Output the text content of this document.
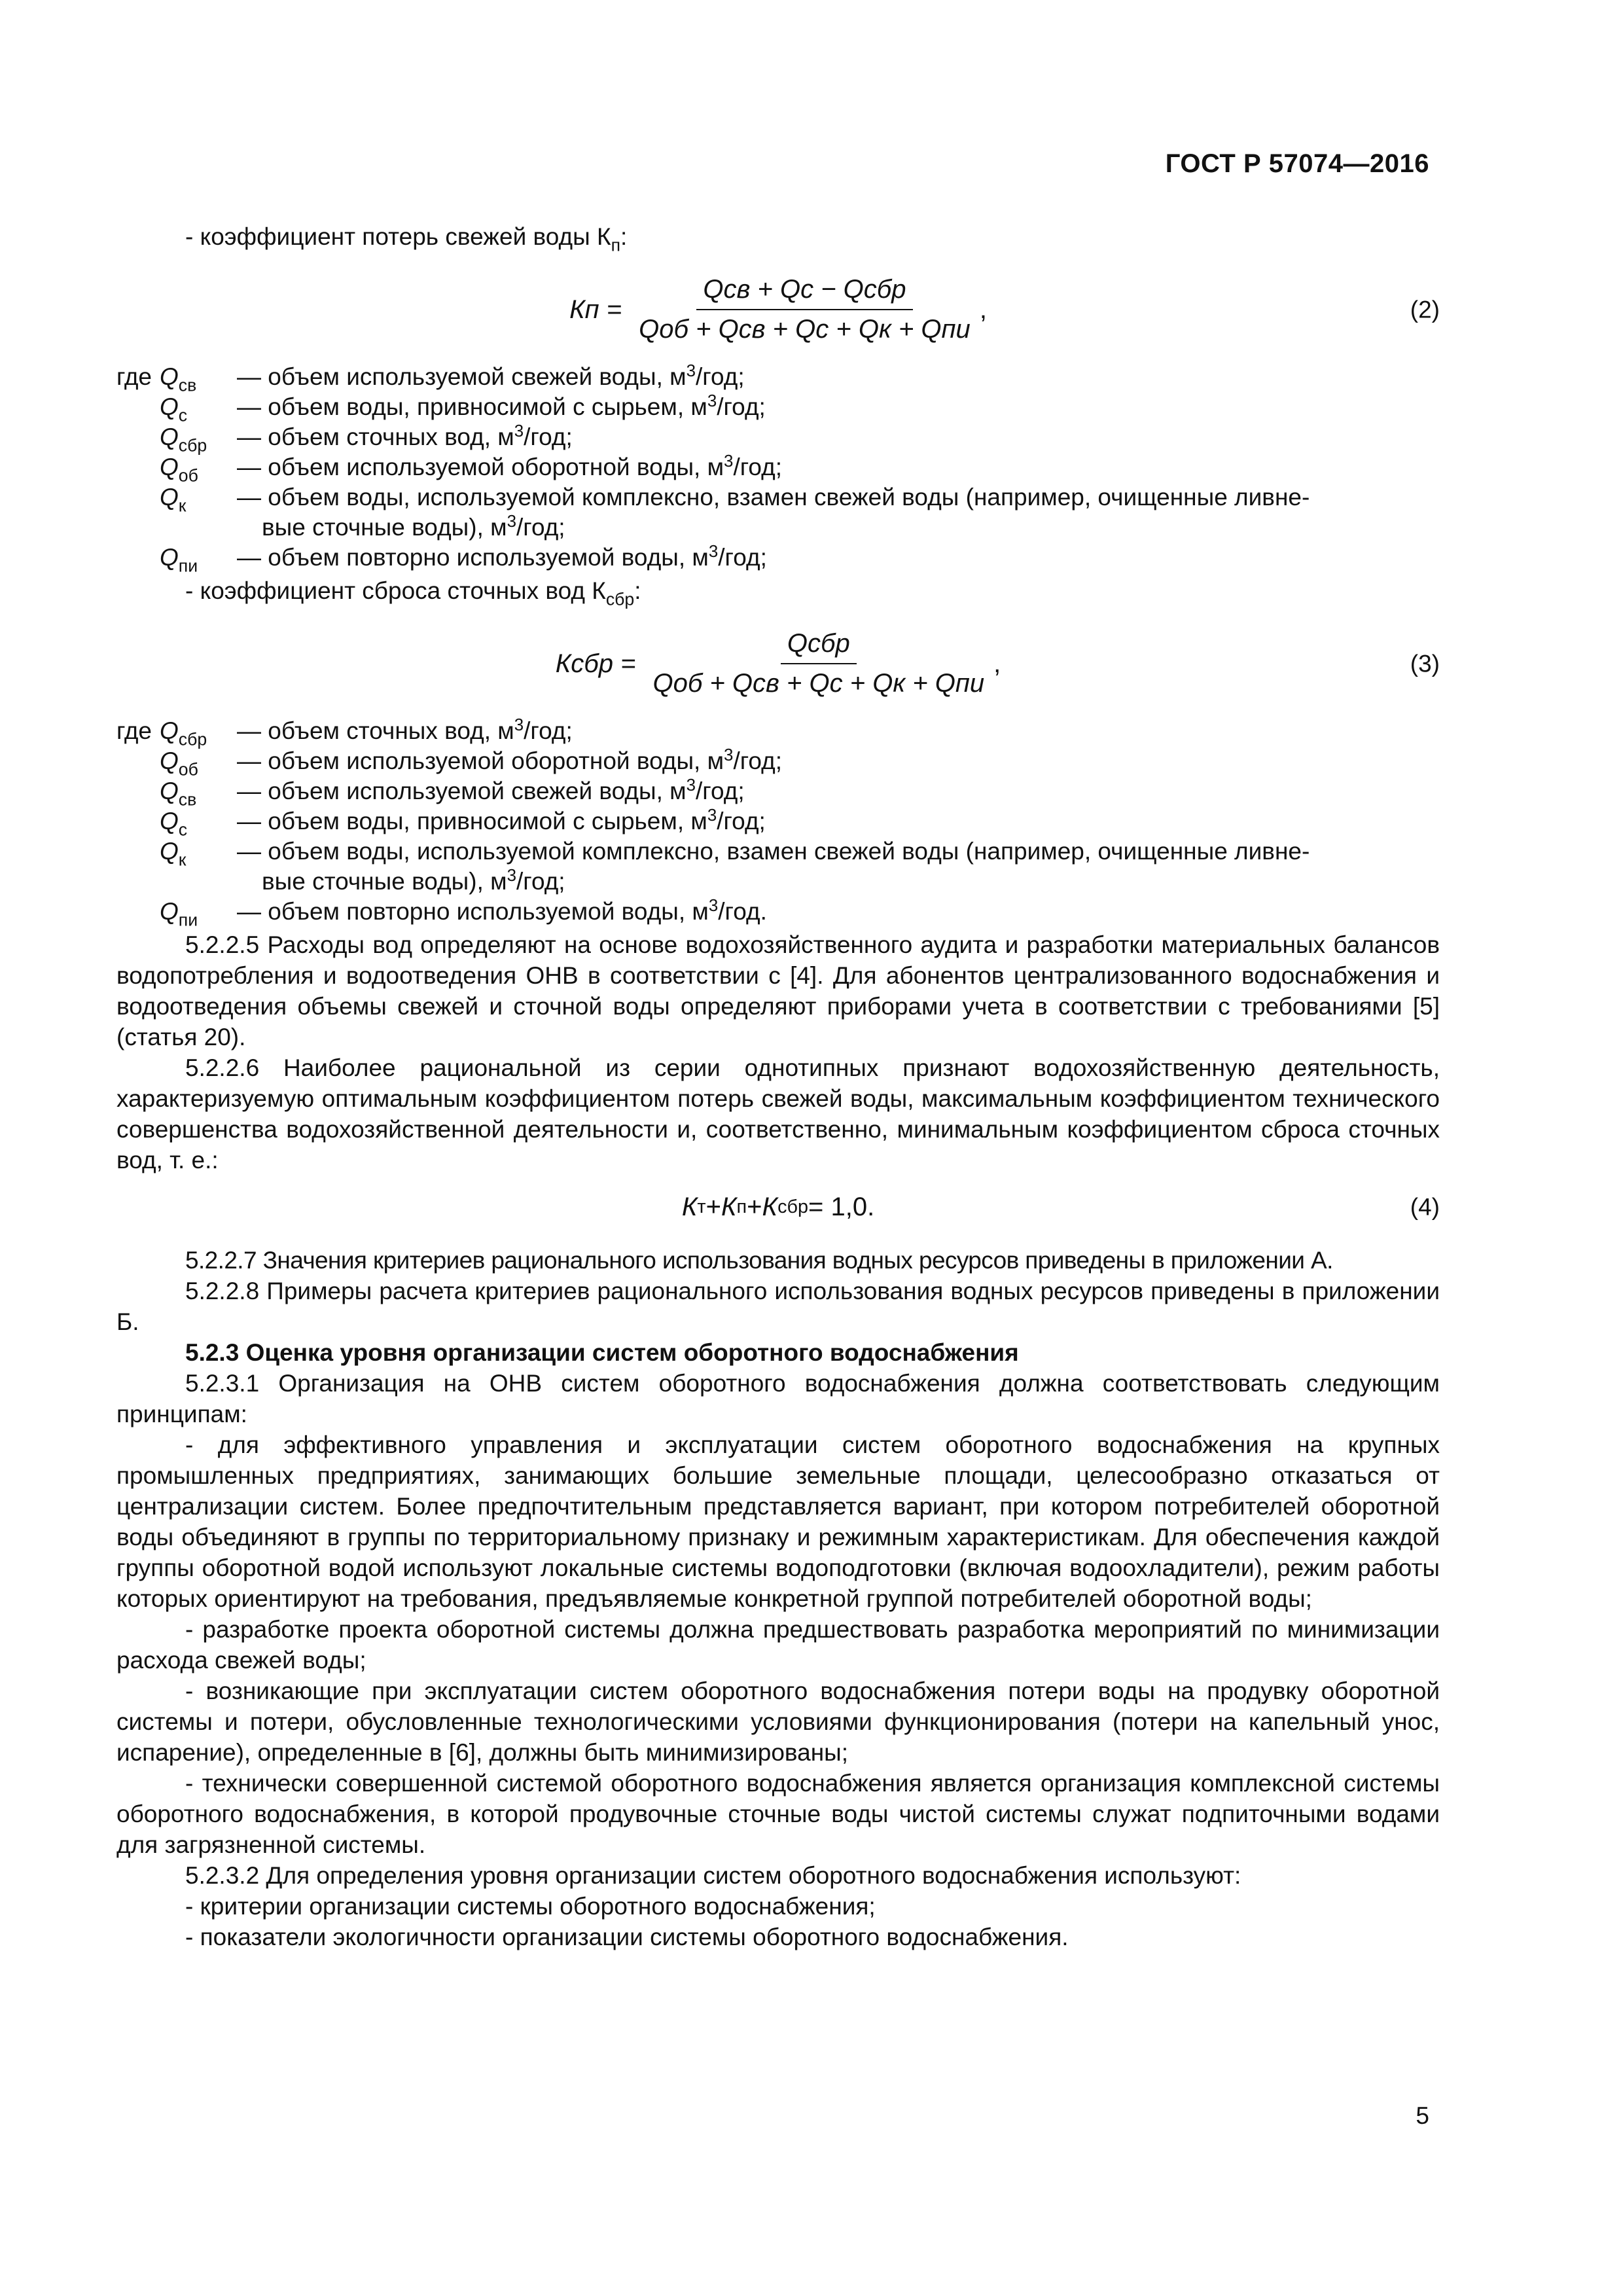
ГОСТ Р 57074—2016

- коэффициент потерь свежей воды $К_п$:

Кп = $\frac{\text{Qсв + Qс − Qсбр}}{\text{Qоб + Qсв + Qс + Qк + Qпи}}$ ,	(2)
где $Q_{св}$	— объем используемой свежей воды, $м^3$/год;
$Q_с$	— объем воды, привносимой с сырьем, $м^3$/год;
$Q_{сбр}$	— объем сточных вод, $м^3$/год;
$Q_{об}$	— объем используемой оборотной воды, $м^3$/год;
$Q_к$	— объем воды, используемой комплексно, взамен свежей воды (например, очищенные ливне-
вые сточные воды), $м^3$/год;
$Q_{пи}$	— объем повторно используемой воды, $м^3$/год;

- коэффициент сброса сточных вод $К_{сбр}$:

Ксбр = $\frac{\text{Qсбр}}{\text{Qоб + Qсв + Qс + Qк + Qпи}}$ ,	(3)
где $Q_{сбр}$	— объем сточных вод, $м^3$/год;
$Q_{об}$	— объем используемой оборотной воды, $м^3$/год;
$Q_{св}$	— объем используемой свежей воды, $м^3$/год;
$Q_с$	— объем воды, привносимой с сырьем, $м^3$/год;
$Q_к$	— объем воды, используемой комплексно, взамен свежей воды (например, очищенные ливне-
вые сточные воды), $м^3$/год;
$Q_{пи}$	— объем повторно используемой воды, $м^3$/год.

5.2.2.5 Расходы вод определяют на основе водохозяйственного аудита и разработки материальных балансов водопотребления и водоотведения ОНВ в соответствии с [4]. Для абонентов централизованного водоснабжения и водоотведения объемы свежей и сточной воды определяют приборами учета в соответствии с требованиями [5] (статья 20).

5.2.2.6 Наиболее рациональной из серии однотипных признают водохозяйственную деятельность, характеризуемую оптимальным коэффициентом потерь свежей воды, максимальным коэффициентом технического совершенства водохозяйственной деятельности и, соответственно, минимальным коэффициентом сброса сточных вод, т. е.:

К т + К п + К сбр = 1,0.	(4)

5.2.2.7 Значения критериев рационального использования водных ресурсов приведены в приложении А.

5.2.2.8 Примеры расчета критериев рационального использования водных ресурсов приведены в приложении Б.

5.2.3 Оценка уровня организации систем оборотного водоснабжения

5.2.3.1 Организация на ОНВ систем оборотного водоснабжения должна соответствовать следующим принципам:

- для эффективного управления и эксплуатации систем оборотного водоснабжения на крупных промышленных предприятиях, занимающих большие земельные площади, целесообразно отказаться от централизации систем. Более предпочтительным представляется вариант, при котором потребителей оборотной воды объединяют в группы по территориальному признаку и режимным характеристикам. Для обеспечения каждой группы оборотной водой используют локальные системы водоподготовки (включая водоохладители), режим работы которых ориентируют на требования, предъявляемые конкретной группой потребителей оборотной воды;

- разработке проекта оборотной системы должна предшествовать разработка мероприятий по минимизации расхода свежей воды;

- возникающие при эксплуатации систем оборотного водоснабжения потери воды на продувку оборотной системы и потери, обусловленные технологическими условиями функционирования (потери на капельный унос, испарение), определенные в [6], должны быть минимизированы;

- технически совершенной системой оборотного водоснабжения является организация комплексной системы оборотного водоснабжения, в которой продувочные сточные воды чистой системы служат подпиточными водами для загрязненной системы.

5.2.3.2 Для определения уровня организации систем оборотного водоснабжения используют:

- критерии организации системы оборотного водоснабжения;

- показатели экологичности организации системы оборотного водоснабжения.

5
